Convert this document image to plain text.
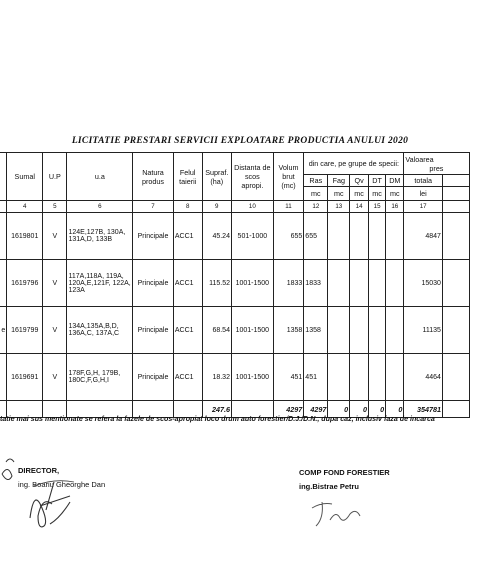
LICITATIE PRESTARI SERVICII EXPLOATARE PRODUCTIA ANULUI 2020
	Sumal	U.P	u.a	Natura produs	Felul taierii	Supraf. (ha)	Distanta de scos apropi.	Volum brut (mc)	din care, pe grupe de specii:					Valoarea
pres	
									Ras	Fag	Qv	DT	DM	totala	
									mc	mc	mc	mc	mc	lei	
	4	5	6	7	8	9	10	11	12	13	14	15	16	17	
	1619801	V	124E,127B, 130A, 131A,D, 133B	Principale	ACC1	45.24	501-1000	655	655					4847	
	1619796	V	117A,118A, 119A, 120A,E,121F, 122A, 123A	Principale	ACC1	115.52	1001-1500	1833	1833					15030	
e	1619799	V	134A,135A,B,D, 136A,C, 137A,C	Principale	ACC1	68.54	1001-1500	1358	1358					11135	
	1619691	V	178F,G,H, 179B, 180C,F,G,H,I	Principale	ACC1	18.32	1001-1500	451	451					4464	
						247.6		4297	4297	0	0	0	0	354781	
tatie mai sus mentionate se refera la fazele de scos-apropiat loco drum auto forestier/D.J./D.N., dupa caz, inclusiv faza de incarca
DIRECTOR,
ing. Boariu Gheorghe Dan
COMP FOND FORESTIER
ing.Bistrae Petru
